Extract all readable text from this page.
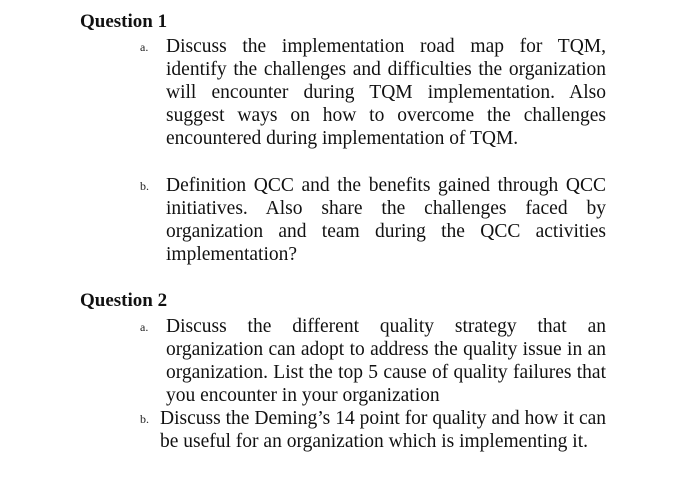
Question 1
a. Discuss the implementation road map for TQM, identify the challenges and difficulties the organization will encounter during TQM implementation. Also suggest ways on how to overcome the challenges encountered during implementation of TQM.
b. Definition QCC and the benefits gained through QCC initiatives. Also share the challenges faced by organization and team during the QCC activities implementation?
Question 2
a. Discuss the different quality strategy that an organization can adopt to address the quality issue in an organization. List the top 5 cause of quality failures that you encounter in your organization
b. Discuss the Deming’s 14 point for quality and how it can be useful for an organization which is implementing it.
